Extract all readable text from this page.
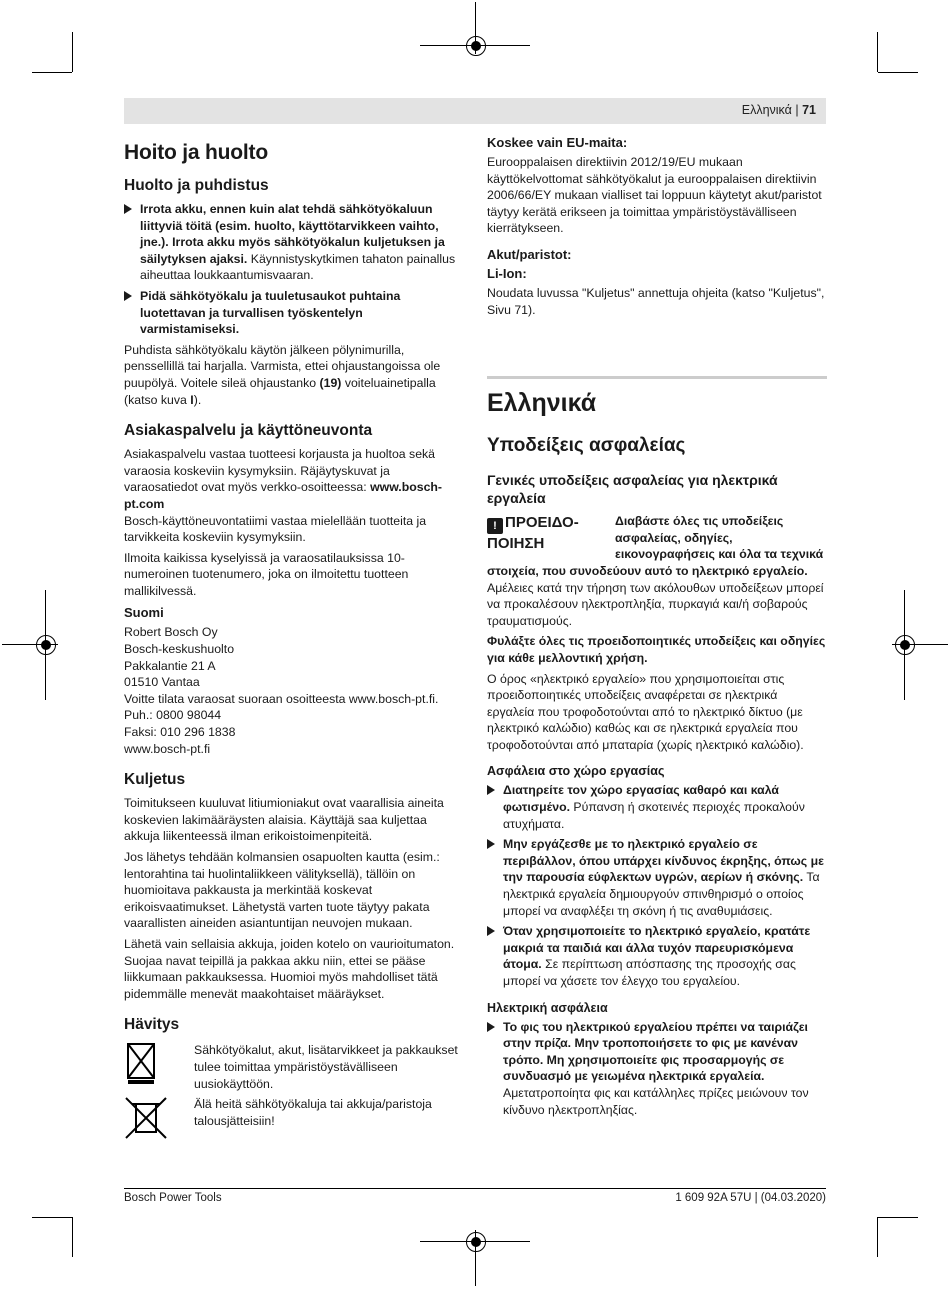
Ελληνικά | 71
Hoito ja huolto
Huolto ja puhdistus
Irrota akku, ennen kuin alat tehdä sähkötyökaluun liittyviä töitä (esim. huolto, käyttötarvikkeen vaihto, jne.). Irrota akku myös sähkötyökalun kuljetuksen ja säilytyksen ajaksi. Käynnistyskytkimen tahaton painallus aiheuttaa loukkaantumisvaaran.
Pidä sähkötyökalu ja tuuletusaukot puhtaina luotettavan ja turvallisen työskentelyn varmistamiseksi.

Puhdista sähkötyökalu käytön jälkeen pölynimurilla, penssellillä tai harjalla. Varmista, ettei ohjaustangoissa ole puupölyä. Voitele sileä ohjaustanko (19) voiteluainetipalla (katso kuva I).

Asiakaspalvelu ja käyttöneuvonta

Asiakaspalvelu vastaa tuotteesi korjausta ja huoltoa sekä varaosia koskeviin kysymyksiin. Räjäytyskuvat ja varaosatiedot ovat myös verkko-osoitteessa: www.bosch-pt.com

Bosch-käyttöneuvontatiimi vastaa mielellään tuotteita ja tarvikkeita koskeviin kysymyksiin.

Ilmoita kaikissa kyselyissä ja varaosatilauksissa 10-numeroinen tuotenumero, joka on ilmoitettu tuotteen mallikilvessä.

Suomi
Robert Bosch Oy
Bosch-keskushuolto
Pakkalantie 21 A
01510 Vantaa
Voitte tilata varaosat suoraan osoitteesta www.bosch-pt.fi.
Puh.: 0800 98044
Faksi: 010 296 1838
www.bosch-pt.fi
Kuljetus

Toimitukseen kuuluvat litiumioniakut ovat vaarallisia aineita koskevien lakimääräysten alaisia. Käyttäjä saa kuljettaa akkuja liikenteessä ilman erikoistoimenpiteitä.

Jos lähetys tehdään kolmansien osapuolten kautta (esim.: lentorahtina tai huolintaliikkeen välityksellä), tällöin on huomioitava pakkausta ja merkintää koskevat erikoisvaatimukset. Lähetystä varten tuote täytyy pakata vaarallisten aineiden asiantuntijan neuvojen mukaan.

Lähetä vain sellaisia akkuja, joiden kotelo on vaurioitumaton. Suojaa navat teipillä ja pakkaa akku niin, ettei se pääse liikkumaan pakkauksessa. Huomioi myös mahdolliset tätä pidemmälle menevät maakohtaiset määräykset.

Hävitys
Sähkötyökalut, akut, lisätarvikkeet ja pakkaukset tulee toimittaa ympäristöystävälliseen uusiokäyttöön.
Älä heitä sähkötyökaluja tai akkuja/paristoja talousjätteisiin!
Koskee vain EU-maita:

Eurooppalaisen direktiivin 2012/19/EU mukaan käyttökelvottomat sähkötyökalut ja eurooppalaisen direktiivin 2006/66/EY mukaan vialliset tai loppuun käytetyt akut/paristot täytyy kerätä erikseen ja toimittaa ympäristöystävälliseen kierrätykseen.

Akut/paristot:
Li-Ion:

Noudata luvussa "Kuljetus" annettuja ohjeita (katso "Kuljetus", Sivu 71).

Ελληνικά
Υποδείξεις ασφαλείας
Γενικές υποδείξεις ασφαλείας για ηλεκτρικά εργαλεία
! ΠΡΟΕΙΔΟ- ΠΟΙΗΣΗ

Διαβάστε όλες τις υποδείξεις ασφαλείας, οδηγίες, εικονογραφήσεις και όλα τα τεχνικά στοιχεία, που συνοδεύουν αυτό το ηλεκτρικό εργαλείο. Αμέλειες κατά την τήρηση των ακόλουθων υποδείξεων μπορεί να προκαλέσουν ηλεκτροπληξία, πυρκαγιά και/ή σοβαρούς τραυματισμούς.

Φυλάξτε όλες τις προειδοποιητικές υποδείξεις και οδηγίες για κάθε μελλοντική χρήση.

Ο όρος «ηλεκτρικό εργαλείο» που χρησιμοποιείται στις προειδοποιητικές υποδείξεις αναφέρεται σε ηλεκτρικά εργαλεία που τροφοδοτούνται από το ηλεκτρικό δίκτυο (με ηλεκτρικό καλώδιο) καθώς και σε ηλεκτρικά εργαλεία που τροφοδοτούνται από μπαταρία (χωρίς ηλεκτρικό καλώδιο).

Ασφάλεια στο χώρο εργασίας
Διατηρείτε τον χώρο εργασίας καθαρό και καλά φωτισμένο. Ρύπανση ή σκοτεινές περιοχές προκαλούν ατυχήματα.
Μην εργάζεσθε με το ηλεκτρικό εργαλείο σε περιβάλλον, όπου υπάρχει κίνδυνος έκρηξης, όπως με την παρουσία εύφλεκτων υγρών, αερίων ή σκόνης. Τα ηλεκτρικά εργαλεία δημιουργούν σπινθηρισμό ο οποίος μπορεί να αναφλέξει τη σκόνη ή τις αναθυμιάσεις.
Όταν χρησιμοποιείτε το ηλεκτρικό εργαλείο, κρατάτε μακριά τα παιδιά και άλλα τυχόν παρευρισκόμενα άτομα. Σε περίπτωση απόσπασης της προσοχής σας μπορεί να χάσετε τον έλεγχο του εργαλείου.
Ηλεκτρική ασφάλεια
Το φις του ηλεκτρικού εργαλείου πρέπει να ταιριάζει στην πρίζα. Μην τροποποιήσετε το φις με κανέναν τρόπο. Μη χρησιμοποιείτε φις προσαρμογής σε συνδυασμό με γειωμένα ηλεκτρικά εργαλεία. Αμετατροποίητα φις και κατάλληλες πρίζες μειώνουν τον κίνδυνο ηλεκτροπληξίας.
Bosch Power Tools	1 609 92A 57U | (04.03.2020)
